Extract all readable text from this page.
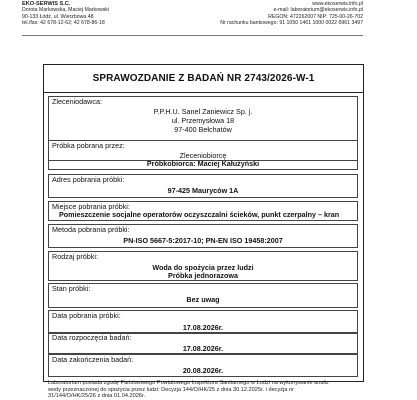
EKO-SERWIS S.C.
Dorota Markowska, Maciej Markowski
90-133 Łódź, ul. Wierzbowa 48
tel./fax: 42 678-12-62; 42 678-86-18
www.ekoserwis.info.pl
e-mail: laboratorium@ekoserwis.info.pl
REGON: 472262007 NIP: 725-00-26-702
Nr rachunku bankowego: 91 1050 1461 1000 0022 6961 3497
SPRAWOZDANIE Z BADAŃ NR 2743/2026-W-1
Zleceniodawca:
P.P.H.U. Sanel Zaniewicz Sp. j.
ul. Przemysłowa 18
97-400 Bełchatów
Próbka pobrana przez:
Zleceniobiorcę
Próbkobiorca: Maciej Kałużyński
Adres pobrania próbki:
97-425 Mauryców 1A
Miejsce pobrania próbki:
Pomieszczenie socjalne operatorów oczyszczalni ścieków, punkt czerpalny – kran
Metoda pobrania próbki:
PN-ISO 5667-5:2017-10; PN-EN ISO 19458:2007
Rodzaj próbki:
Woda do spożycia przez ludzi
Próbka jednorazowa
Stan próbki:
Bez uwag
Data pobrania próbki:
17.08.2026r.
Data rozpoczęcia badań:
17.08.2026r.
Data zakończenia badań:
20.08.2026r.
Laboratorium posiada zgodę Państwowego Powiatowego Inspektora Sanitarnego w Łodzi na wykonywanie analiz
wody przeznaczonej do spożycia przez ludzi: Decyzja 144/O/HK/25 z dnia 30.12.2025r. i decyzja nr
31/144/O/HK/25/26 z dnia 01.04.2026r.
